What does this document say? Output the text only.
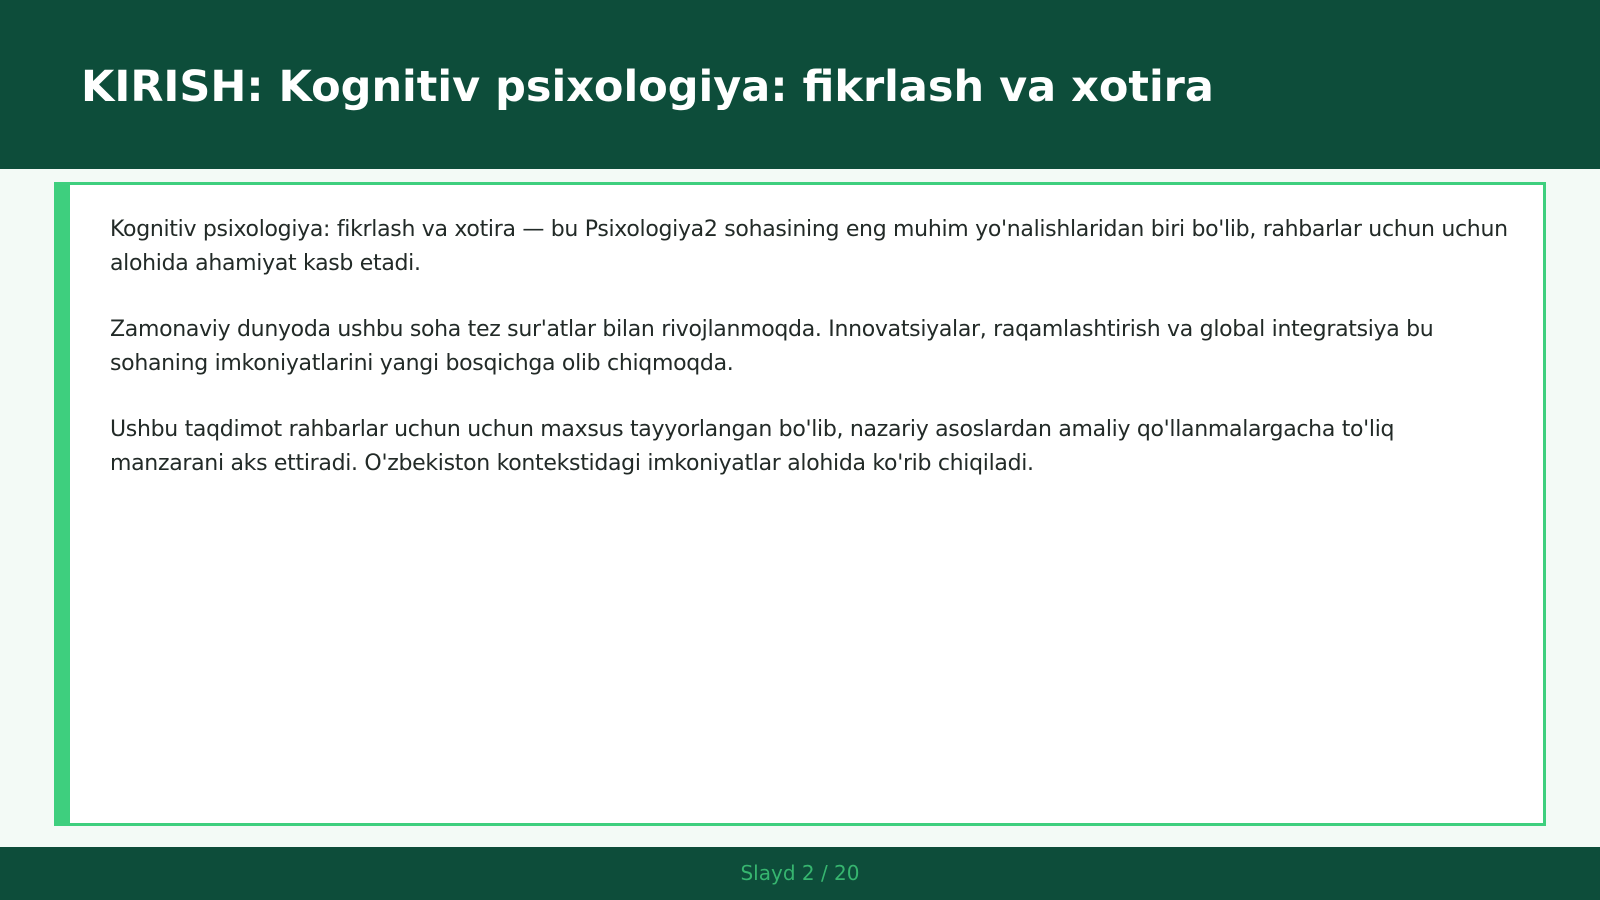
KIRISH: Kognitiv psixologiya: fikrlash va xotira

Kognitiv psixologiya: fikrlash va xotira — bu Psixologiya2 sohasining eng muhim yo'nalishlaridan biri bo'lib, rahbarlar uchun uchun alohida ahamiyat kasb etadi.

Zamonaviy dunyoda ushbu soha tez sur'atlar bilan rivojlanmoqda. Innovatsiyalar, raqamlashtirish va global integratsiya bu sohaning imkoniyatlarini yangi bosqichga olib chiqmoqda.

Ushbu taqdimot rahbarlar uchun uchun maxsus tayyorlangan bo'lib, nazariy asoslardan amaliy qo'llanmalargacha to'liq manzarani aks ettiradi. O'zbekiston kontekstidagi imkoniyatlar alohida ko'rib chiqiladi.

Slayd 2 / 20
